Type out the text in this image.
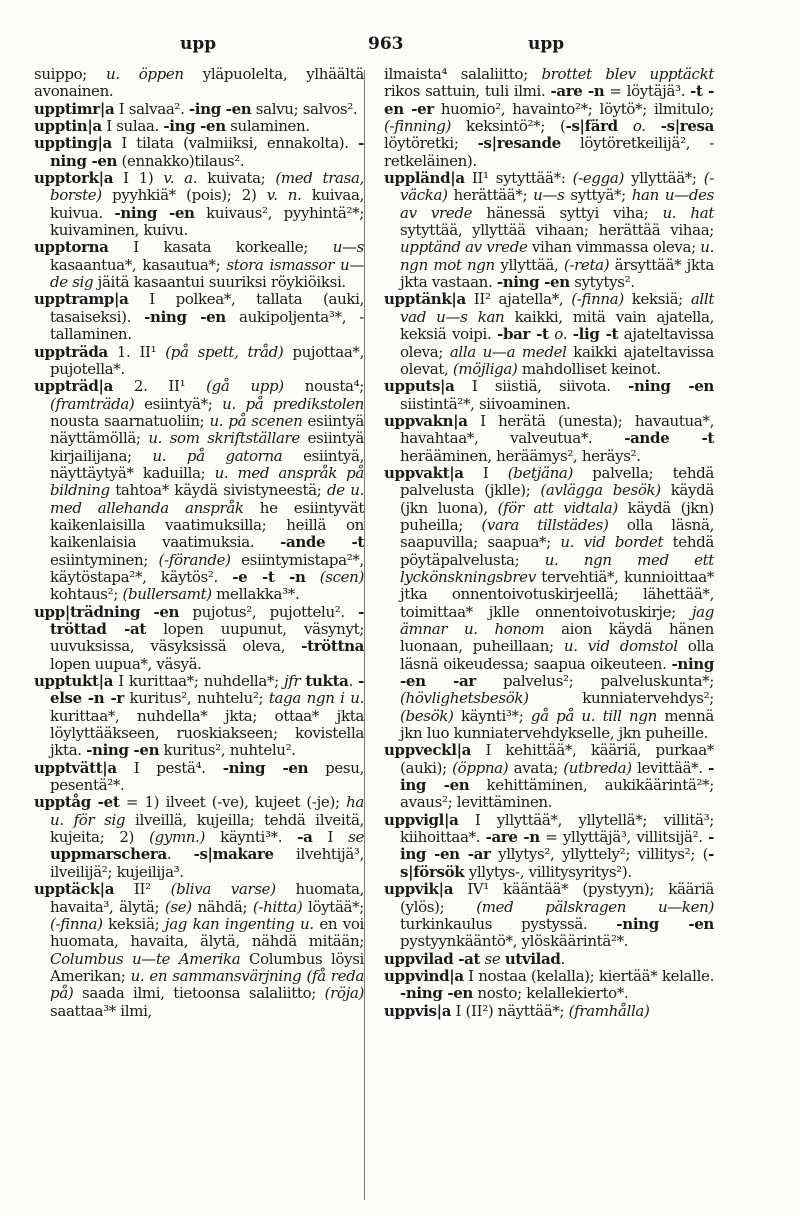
upp	963	upp

suippo; u. öppen yläpuolelta, ylhäältä avonainen.

upptimr|a I salvaa². -ing -en salvu; salvos².

upptin|a I sulaa. -ing -en sulaminen.

uppting|a I tilata (valmiiksi, ennakolta). -ning -en (ennakko)tilaus².

upptork|a I 1) v. a. kuivata; (med trasa, borste) pyyhkiä* (pois); 2) v. n. kuivaa, kuivua. -ning -en kuivaus², pyyhintä²*; kuivaminen, kuivu.

upptorna I kasata korkealle; u—s kasaantua*, kasautua*; stora ismassor u—de sig jäitä kasaantui suuriksi röykiöiksi.

upptramp|a I polkea*, tallata (auki, tasaiseksi). -ning -en aukipoljenta³*, -tallaminen.

uppträda 1. II¹ (på spett, tråd) pujottaa*, pujotella*.

uppträd|a 2. II¹ (gå upp) nousta⁴; (framträda) esiintyä*; u. på predikstolen nousta saarnatuoliin; u. på scenen esiintyä näyttämöllä; u. som skriftställare esiintyä kirjailijana; u. på gatorna esiintyä, näyttäytyä* kaduilla; u. med anspråk på bildning tahtoa* käydä sivistyneestä; de u. med allehanda anspråk he esiintyvät kaikenlaisilla vaatimuksilla; heillä on kaikenlaisia vaatimuksia. -ande -t esiintyminen; (-förande) esiintymistapa²*, käytöstapa²*, käytös². -e -t -n (scen) kohtaus²; (bullersamt) mellakka³*.

upp|trädning -en pujotus², pujottelu². -tröttad -at lopen uupunut, väsynyt; uuvuksissa, väsyksissä oleva, -tröttna lopen uupua*, väsyä.

upptukt|a I kurittaa*; nuhdella*; jfr tukta. -else -n -r kuritus², nuhtelu²; taga ngn i u. kurittaa*, nuhdella* jkta; ottaa* jkta löylyttääkseen, ruoskiakseen; kovistella jkta. -ning -en kuritus², nuhtelu².

upptvätt|a I pestä⁴. -ning -en pesu, pesentä²*.

upptåg -et = 1) ilveet (-ve), kujeet (-je); ha u. för sig ilveillä, kujeilla; tehdä ilveitä, kujeita; 2) (gymn.) käynti³*. -a I se uppmarschera. -s|makare ilvehtijä³, ilveilijä²; kujeilija³.

upptäck|a II² (bliva varse) huomata, havaita³, älytä; (se) nähdä; (-hitta) löytää*; (-finna) keksiä; jag kan ingenting u. en voi huomata, havaita, älytä, nähdä mitään; Columbus u—te Amerika Columbus löysi Amerikan; u. en sammansvärjning (få reda på) saada ilmi, tietoonsa salaliitto; (röja) saattaa³* ilmi,

ilmaista⁴ salaliitto; brottet blev upptäckt rikos sattuin, tuli ilmi. -are -n = löytäjä³. -t -en -er huomio², havainto²*; löytö*; ilmitulo; (-finning) keksintö²*; (-s|färd o. -s|resa löytöretki; -s|resande löytöretkeilijä², -retkeläinen).

uppländ|a II¹ sytyttää*: (-egga) yllyttää*; (-väcka) herättää*; u—s syttyä*; han u—des av vrede hänessä syttyi viha; u. hat sytyttää, yllyttää vihaan; herättää vihaa; upptänd av vrede vihan vimmassa oleva; u. ngn mot ngn yllyttää, (-reta) ärsyttää* jkta jkta vastaan. -ning -en sytytys².

upptänk|a II² ajatella*, (-finna) keksiä; allt vad u—s kan kaikki, mitä vain ajatella, keksiä voipi. -bar -t o. -lig -t ajateltavissa oleva; alla u—a medel kaikki ajateltavissa olevat, (möjliga) mahdolliset keinot.

upputs|a I siistiä, siivota. -ning -en siistintä²*, siivoaminen.

uppvakn|a I herätä (unesta); havautua*, havahtaa*, valveutua*. -ande -t herääminen, heräämys², heräys².

uppvakt|a I (betjäna) palvella; tehdä palvelusta (jklle); (avlägga besök) käydä (jkn luona), (för att vidtala) käydä (jkn) puheilla; (vara tillstädes) olla läsnä, saapuvilla; saapua*; u. vid bordet tehdä pöytäpalvelusta; u. ngn med ett lyckönskningsbrev tervehtiä*, kunnioittaa* jtka onnentoivotuskirjeellä; lähettää*, toimittaa* jklle onnentoivotuskirje; jag ämnar u. honom aion käydä hänen luonaan, puheillaan; u. vid domstol olla läsnä oikeudessa; saapua oikeuteen. -ning -en -ar palvelus²; palveluskunta*; (hövlighetsbesök) kunniatervehdys²; (besök) käynti³*; gå på u. till ngn mennä jkn luo kunniatervehdykselle, jkn puheille.

uppveckl|a I kehittää*, kääriä, purkaa* (auki); (öppna) avata; (utbreda) levittää*. -ing -en kehittäminen, aukikäärintä²*; avaus²; levittäminen.

uppvigl|a I yllyttää*, yllytellä*; villitä³; kiihoittaa*. -are -n = yllyttäjä³, villitsijä². -ing -en -ar yllytys², yllyttely²; villitys²; (-s|försök yllytys-, villitysyritys²).

uppvik|a IV¹ kääntää* (pystyyn); kääriä (ylös); (med pälskragen u—ken) turkinkaulus pystyssä. -ning -en pystyynkääntö*, ylöskäärintä²*.

uppvilad -at se utvilad.

uppvind|a I nostaa (kelalla); kiertää* kelalle. -ning -en nosto; kelallekierto*.

uppvis|a I (II²) näyttää*; (framhålla)
